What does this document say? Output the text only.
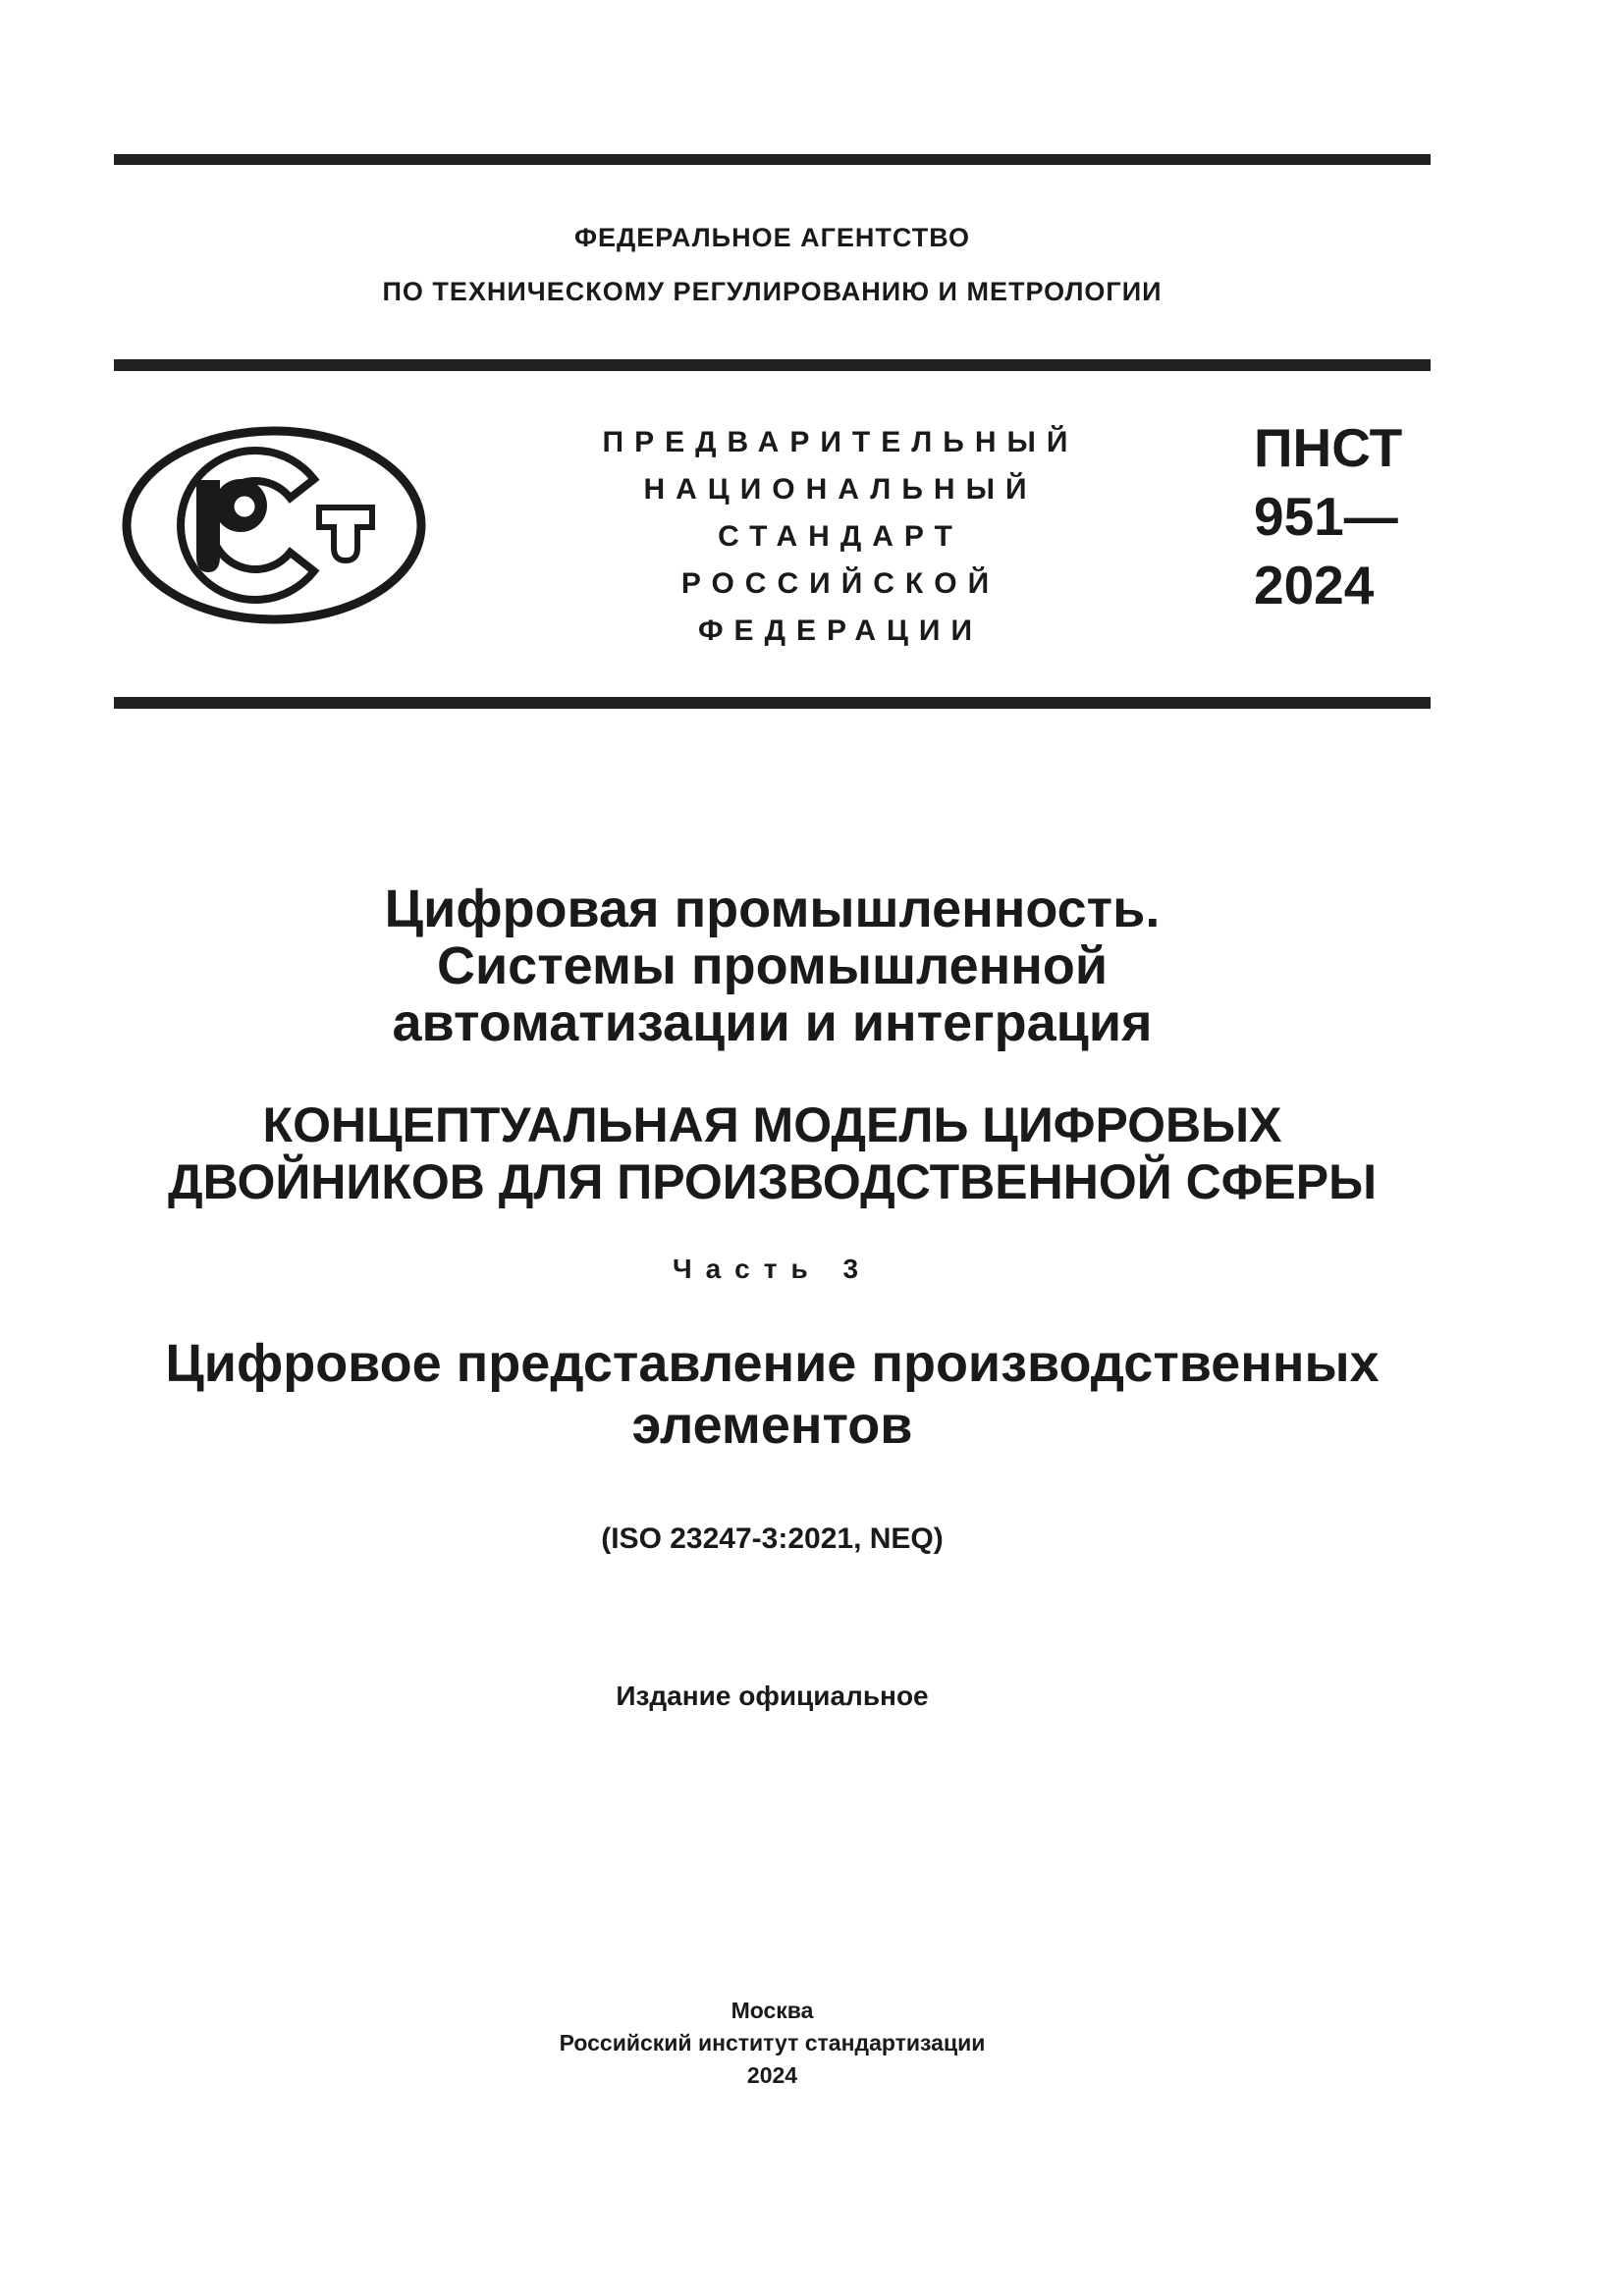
ФЕДЕРАЛЬНОЕ АГЕНТСТВО
ПО ТЕХНИЧЕСКОМУ РЕГУЛИРОВАНИЮ И МЕТРОЛОГИИ
ПРЕДВАРИТЕЛЬНЫЙ
НАЦИОНАЛЬНЫЙ
СТАНДАРТ
РОССИЙСКОЙ
ФЕДЕРАЦИИ
ПНСТ
951—
2024
Цифровая промышленность.
Системы промышленной
автоматизации и интеграция
КОНЦЕПТУАЛЬНАЯ МОДЕЛЬ ЦИФРОВЫХ
ДВОЙНИКОВ ДЛЯ ПРОИЗВОДСТВЕННОЙ СФЕРЫ
Часть 3
Цифровое представление производственных
элементов
(ISO 23247-3:2021, NEQ)
Издание официальное
Москва
Российский институт стандартизации
2024
